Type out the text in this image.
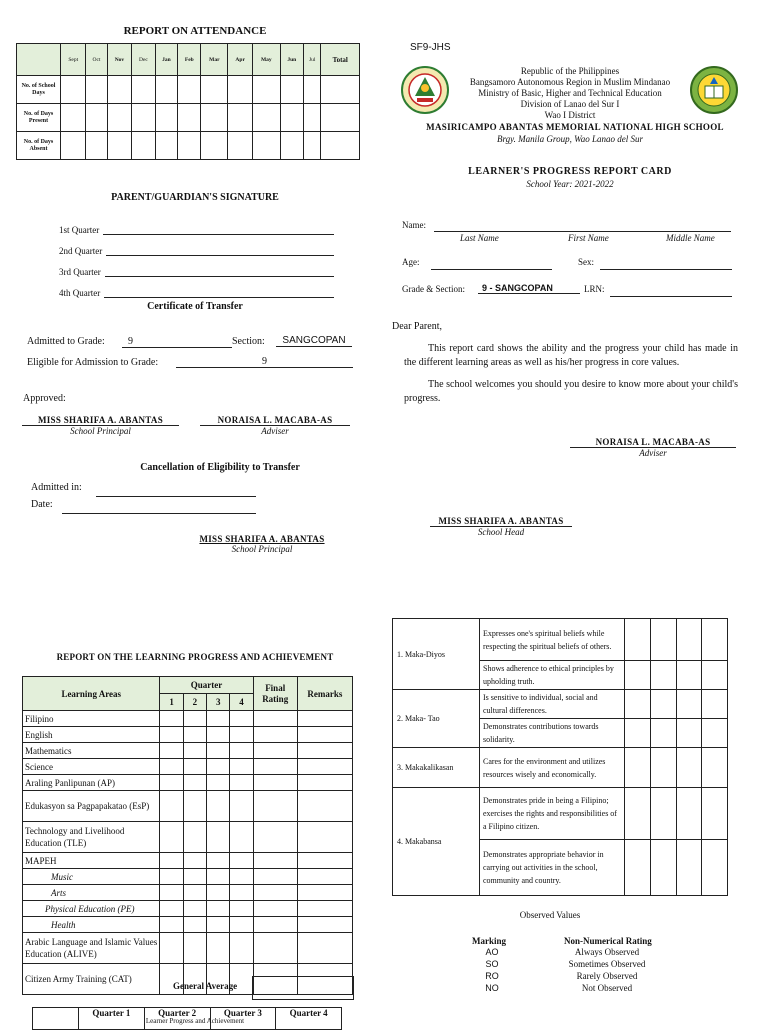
REPORT ON ATTENDANCE
	Sept	Oct	Nov	Dec	Jan	Feb	Mar	Apr	May	Jun	Jul	Total
No. of School Days												
No. of Days Present												
No. of Days Absent												
PARENT/GUARDIAN'S SIGNATURE
1st Quarter
2nd Quarter
3rd Quarter
4th Quarter
Certificate of Transfer
Admitted to Grade:	9	Section:	SANGCOPAN
Eligible for Admission to Grade:	9
Approved:
MISS SHARIFA A. ABANTAS
School Principal
NORAISA L. MACABA-AS
Adviser
Cancellation of Eligibility to Transfer
Admitted in:
Date:
MISS SHARIFA A. ABANTAS
School Principal
SF9-JHS
Republic of the Philippines
Bangsamoro Autonomous Region in Muslim Mindanao
Ministry of Basic, Higher and Technical Education
Division of Lanao del Sur I
Wao I District
MASIRICAMPO ABANTAS MEMORIAL NATIONAL HIGH SCHOOL
Brgy. Manila Group, Wao Lanao del Sur
LEARNER'S PROGRESS REPORT CARD
School Year: 2021-2022
Name:
Last Name	First Name	Middle Name
Age:	Sex:
Grade & Section:	9 - SANGCOPAN	LRN:
Dear Parent,
This report card shows the ability and the progress your child has made in the different learning areas as well as his/her progress in core values.
The school welcomes you should you desire to know more about your child's progress.
NORAISA L. MACABA-AS
Adviser
MISS SHARIFA A. ABANTAS
School Head
REPORT ON THE LEARNING PROGRESS AND ACHIEVEMENT
Learning Areas	Quarter				Final Rating	Remarks
	1	2	3	4		
Filipino						
English						
Mathematics						
Science						
Araling Panlipunan (AP)						
Edukasyon sa Pagpapakatao (EsP)						
Technology and Livelihood Education (TLE)						
MAPEH						
Music						
Arts						
Physical Education (PE)						
Health						
Arabic Language and Islamic Values Education (ALIVE)						
Citizen Army Training (CAT)						
General Average
	Quarter 1	Quarter 2	Quarter 3	Quarter 4
Learner Progress and Achievement
1. Maka-Diyos	Expresses one's spiritual beliefs while respecting the spiritual beliefs of others.				
	Shows adherence to ethical principles by upholding truth.				
2. Maka- Tao	Is sensitive to individual, social and cultural differences.				
	Demonstrates contributions towards solidarity.				
3. Makakalikasan	Cares for the environment and utilizes resources wisely and economically.				
4. Makabansa	Demonstrates pride in being a Filipino; exercises the rights and responsibilities of a Filipino citizen.				
	Demonstrates appropriate behavior in carrying out activities in the school, community and country.				
Observed Values
Marking	Non-Numerical Rating
AO	Always Observed
SO	Sometimes Observed
RO	Rarely Observed
NO	Not Observed
